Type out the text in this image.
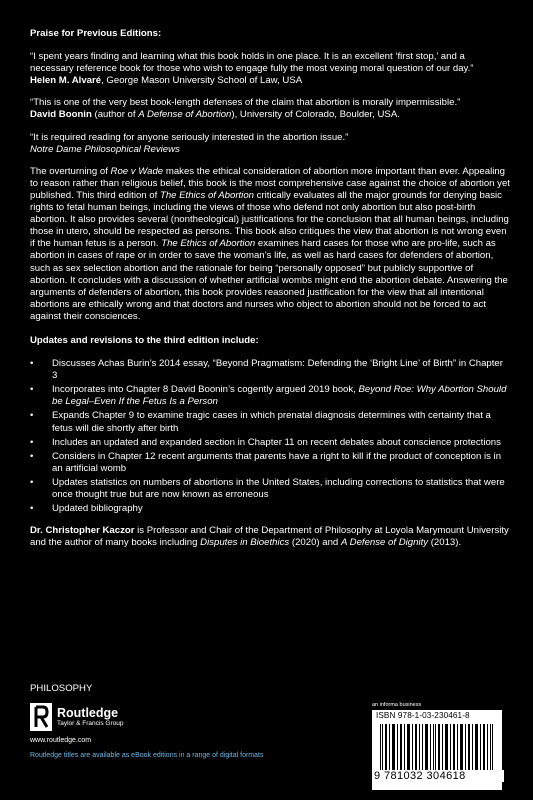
Praise for Previous Editions:

“I spent years finding and learning what this book holds in one place. It is an excellent ‘first stop,’ and a necessary reference book for those who wish to engage fully the most vexing moral question of our day.”

Helen M. Alvaré, George Mason University School of Law, USA

“This is one of the very best book-length defenses of the claim that abortion is morally impermissible.”

David Boonin (author of A Defense of Abortion), University of Colorado, Boulder, USA.

“It is required reading for anyone seriously interested in the abortion issue.”

Notre Dame Philosophical Reviews

The overturning of Roe v Wade makes the ethical consideration of abortion more important than ever. Appealing to reason rather than religious belief, this book is the most comprehensive case against the choice of abortion yet published. This third edition of The Ethics of Abortion critically evaluates all the major grounds for denying basic rights to fetal human beings, including the views of those who defend not only abortion but also post-birth abortion. It also provides several (nontheological) justifications for the conclusion that all human beings, including those in utero, should be respected as persons. This book also critiques the view that abortion is not wrong even if the human fetus is a person. The Ethics of Abortion examines hard cases for those who are pro-life, such as abortion in cases of rape or in order to save the woman’s life, as well as hard cases for defenders of abortion, such as sex selection abortion and the rationale for being “personally opposed” but publicly supportive of abortion. It concludes with a discussion of whether artificial wombs might end the abortion debate. Answering the arguments of defenders of abortion, this book provides reasoned justification for the view that all intentional abortions are ethically wrong and that doctors and nurses who object to abortion should not be forced to act against their consciences.

Updates and revisions to the third edition include:

• Discusses Achas Burin’s 2014 essay, “Beyond Pragmatism: Defending the ‘Bright Line’ of Birth” in Chapter 3
• Incorporates into Chapter 8 David Boonin’s cogently argued 2019 book, Beyond Roe: Why Abortion Should be Legal–Even If the Fetus Is a Person
• Expands Chapter 9 to examine tragic cases in which prenatal diagnosis determines with certainty that a fetus will die shortly after birth
• Includes an updated and expanded section in Chapter 11 on recent debates about conscience protections
• Considers in Chapter 12 recent arguments that parents have a right to kill if the product of conception is in an artificial womb
• Updates statistics on numbers of abortions in the United States, including corrections to statistics that were once thought true but are now known as erroneous
• Updated bibliography

Dr. Christopher Kaczor is Professor and Chair of the Department of Philosophy at Loyola Marymount University and the author of many books including Disputes in Bioethics (2020) and A Defense of Dignity (2013).

PHILOSOPHY
Routledge
Taylor & Francis Group
www.routledge.com
Routledge titles are available as eBook editions in a range of digital formats
an informa business
ISBN 978-1-03-230461-8
9 781032 304618
